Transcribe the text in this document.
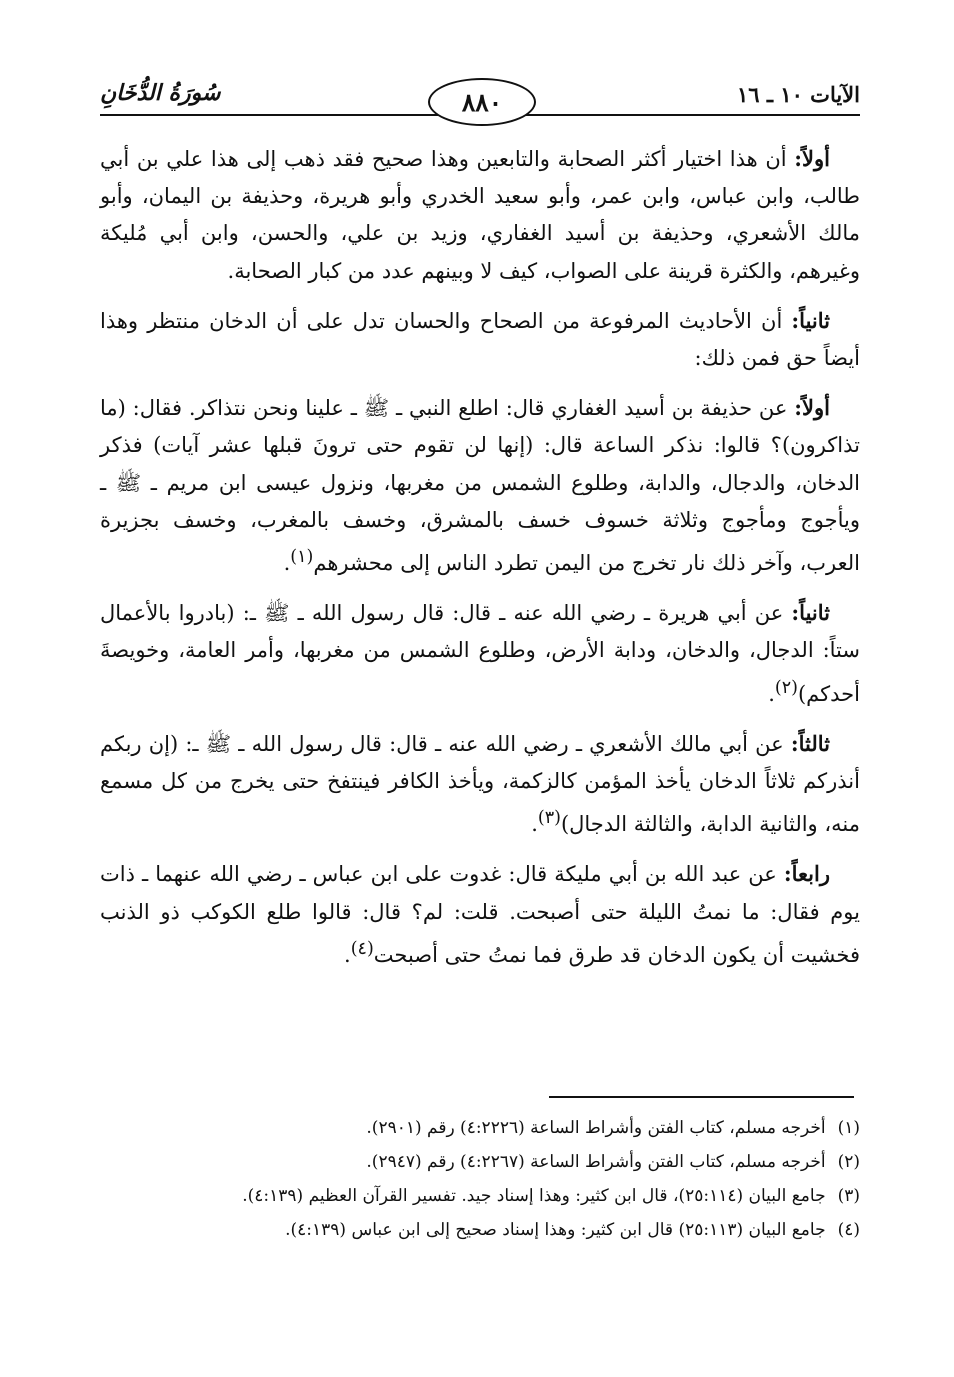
الآيات ١٠ ـ ١٦
٨٨٠
سُورَةُ الدُّخَانِ

أولاً: أن هذا اختيار أكثر الصحابة والتابعين وهذا صحيح فقد ذهب إلى هذا علي بن أبي طالب، وابن عباس، وابن عمر، وأبو سعيد الخدري وأبو هريرة، وحذيفة بن اليمان، وأبو مالك الأشعري، وحذيفة بن أسيد الغفاري، وزيد بن علي، والحسن، وابن أبي مُليكة وغيرهم، والكثرة قرينة على الصواب، كيف لا وبينهم عدد من كبار الصحابة.

ثانياً: أن الأحاديث المرفوعة من الصحاح والحسان تدل على أن الدخان منتظر وهذا أيضاً حق فمن ذلك:

أولاً: عن حذيفة بن أسيد الغفاري قال: اطلع النبي ـ ﷺ ـ علينا ونحن نتذاكر. فقال: (ما تذاكرون)؟ قالوا: نذكر الساعة قال: (إنها لن تقوم حتى ترونَ قبلها عشر آيات) فذكر الدخان، والدجال، والدابة، وطلوع الشمس من مغربها، ونزول عيسى ابن مريم ـ ﷺ ـ ويأجوج ومأجوج وثلاثة خسوف خسف بالمشرق، وخسف بالمغرب، وخسف بجزيرة العرب، وآخر ذلك نار تخرج من اليمن تطرد الناس إلى محشرهم$^{(١)}$.

ثانياً: عن أبي هريرة ـ رضي الله عنه ـ قال: قال رسول الله ـ ﷺ ـ: (بادروا بالأعمال ستاً: الدجال، والدخان، ودابة الأرض، وطلوع الشمس من مغربها، وأمر العامة، وخويصةَ أحدكم)$^{(٢)}$.

ثالثاً: عن أبي مالك الأشعري ـ رضي الله عنه ـ قال: قال رسول الله ـ ﷺ ـ: (إن ربكم أنذركم ثلاثاً الدخان يأخذ المؤمن كالزكمة، ويأخذ الكافر فينتفخ حتى يخرج من كل مسمع منه، والثانية الدابة، والثالثة الدجال)$^{(٣)}$.

رابعاً: عن عبد الله بن أبي مليكة قال: غدوت على ابن عباس ـ رضي الله عنهما ـ ذات يوم فقال: ما نمتُ الليلة حتى أصبحت. قلت: لم؟ قال: قالوا طلع الكوكب ذو الذنب فخشيت أن يكون الدخان قد طرق فما نمتُ حتى أصبحت$^{(٤)}$.

(١)
أخرجه مسلم، كتاب الفتن وأشراط الساعة (٤:٢٢٢٦) رقم (٢٩٠١).
(٢)
أخرجه مسلم، كتاب الفتن وأشراط الساعة (٤:٢٢٦٧) رقم (٢٩٤٧).
(٣)
جامع البيان (٢٥:١١٤)، قال ابن كثير: وهذا إسناد جيد. تفسير القرآن العظيم (٤:١٣٩).
(٤)
جامع البيان (٢٥:١١٣) قال ابن كثير: وهذا إسناد صحيح إلى ابن عباس (٤:١٣٩).
